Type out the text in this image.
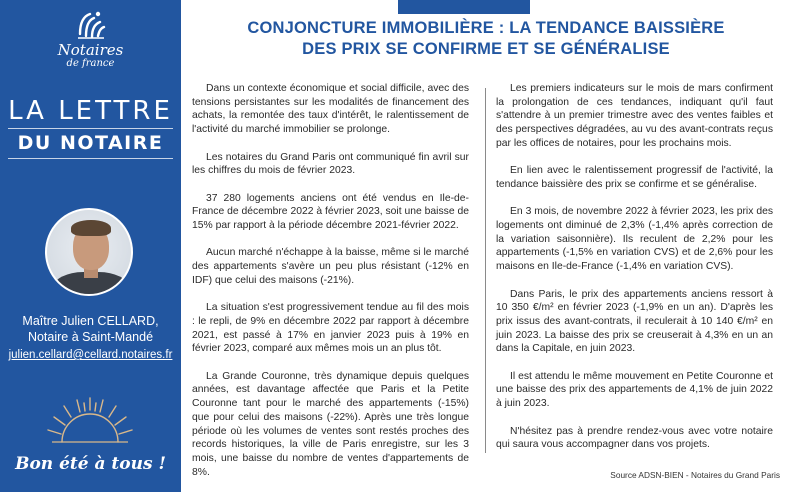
Notaires
de france
LA LETTRE
DU NOTAIRE
Maître Julien CELLARD,
Notaire à Saint-Mandé
julien.cellard@cellard.notaires.fr
Bon été à tous !
CONJONCTURE IMMOBILIÈRE : LA TENDANCE BAISSIÈRE
DES PRIX SE CONFIRME ET SE GÉNÉRALISE

Dans un contexte économique et social difficile, avec des tensions persistantes sur les modalités de financement des achats, la remontée des taux d'intérêt, le ralentissement de l'activité du marché immobilier se prolonge.

Les notaires du Grand Paris ont communiqué fin avril sur les chiffres du mois de février 2023.

37 280 logements anciens ont été vendus en Ile-de-France de décembre 2022 à février 2023, soit une baisse de 15% par rapport à la période décembre 2021-février 2022.

Aucun marché n'échappe à la baisse, même si le marché des appartements s'avère un peu plus résistant (-12% en IDF) que celui des maisons (-21%).

La situation s'est progressivement tendue au fil des mois : le repli, de 9% en décembre 2022 par rapport à décembre 2021, est passé à 17% en janvier 2023 puis à 19% en février 2023, comparé aux mêmes mois un an plus tôt.

La Grande Couronne, très dynamique depuis quelques années, est davantage affectée que Paris et la Petite Couronne tant pour le marché des appartements (-15%) que pour celui des maisons (-22%). Après une très longue période où les volumes de ventes sont restés proches des records historiques, la ville de Paris enregistre, sur les 3 mois, une baisse du nombre de ventes d'appartements de 8%.

Les premiers indicateurs sur le mois de mars confirment la prolongation de ces tendances, indiquant qu'il faut s'attendre à un premier trimestre avec des ventes faibles et des perspectives dégradées, au vu des avant-contrats reçus par les offices de notaires, pour les prochains mois.

En lien avec le ralentissement progressif de l'activité, la tendance baissière des prix se confirme et se généralise.

En 3 mois, de novembre 2022 à février 2023, les prix des logements ont diminué de 2,3% (-1,4% après correction de la variation saisonnière). Ils reculent de 2,2% pour les appartements (-1,5% en variation CVS) et de 2,6% pour les maisons en Ile-de-France (-1,4% en variation CVS).

Dans Paris, le prix des appartements anciens ressort à 10 350 €/m² en février 2023 (-1,9% en un an). D'après les prix issus des avant-contrats, il reculerait à 10 140 €/m² en juin 2023. La baisse des prix se creuserait à 4,3% en un an dans la Capitale, en juin 2023.

Il est attendu le même mouvement en Petite Couronne et une baisse des prix des appartements de 4,1% de juin 2022 à juin 2023.

N'hésitez pas à prendre rendez-vous avec votre notaire qui saura vous accompagner dans vos projets.

Source ADSN-BIEN - Notaires du Grand Paris
